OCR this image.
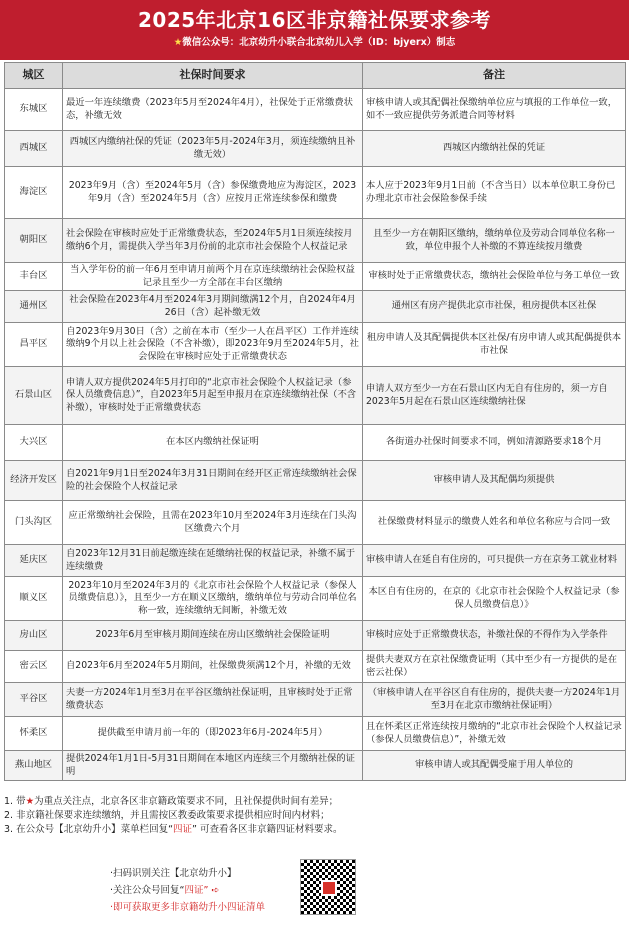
2025年北京16区非京籍社保要求参考
★微信公众号：北京幼升小联合北京幼儿入学（ID：bjyerx）制志
城区	社保时间要求	备注
东城区	最近一年连续缴费（2023年5月至2024年4月），社保处于正常缴费状态，补缴无效	审核申请人或其配偶社保缴纳单位应与填报的工作单位一致，如不一致应提供劳务派遣合同等材料
西城区	西城区内缴纳社保的凭证（2023年5月-2024年3月，须连续缴纳且补缴无效）	西城区内缴纳社保的凭证
海淀区	2023年9月（含）至2024年5月（含）参保缴费地应为海淀区，2023年9月（含）至2024年5月（含）应按月正常连续参保和缴费	本人应于2023年9月1日前（不含当日）以本单位职工身份已办理北京市社会保险参保手续
朝阳区	社会保险在审核时应处于正常缴费状态，至2024年5月1日须连续按月缴纳6个月，需提供入学当年3月份前的北京市社会保险个人权益记录	且至少一方在朝阳区缴纳，缴纳单位及劳动合同单位名称一致，单位申报个人补缴的不算连续按月缴费
丰台区	当入学年份的前一年6月至申请月前两个月在京连续缴纳社会保险权益记录且至少一方全部在丰台区缴纳	审核时处于正常缴费状态，缴纳社会保险单位与务工单位一致
通州区	社会保险在2023年4月至2024年3月期间缴满12个月，自2024年4月26日（含）起补缴无效	通州区有房产提供北京市社保，租房提供本区社保
昌平区	自2023年9月30日（含）之前在本市（至少一人在昌平区）工作并连续缴纳9个月以上社会保险（不含补缴），即2023年9月至2024年5月，社会保险在审核时应处于正常缴费状态	租房申请人及其配偶提供本区社保/有房申请人或其配偶提供本市社保
石景山区	申请人双方提供2024年5月打印的“北京市社会保险个人权益记录（参保人员缴费信息）”，自2023年5月起至申报月在京连续缴纳社保（不含补缴），审核时处于正常缴费状态	申请人双方至少一方在石景山区内无自有住房的，须一方自2023年5月起在石景山区连续缴纳社保
大兴区	在本区内缴纳社保证明	各街道办社保时间要求不同，例如清源路要求18个月
经济开发区	自2021年9月1日至2024年3月31日期间在经开区正常连续缴纳社会保险的社会保险个人权益记录	审核申请人及其配偶均须提供
门头沟区	应正常缴纳社会保险，且需在2023年10月至2024年3月连续在门头沟区缴费六个月	社保缴费材料显示的缴费人姓名和单位名称应与合同一致
延庆区	自2023年12月31日前起缴连续在延缴纳社保的权益记录，补缴不属于连续缴费	审核申请人在延自有住房的，可只提供一方在京务工就业材料
顺义区	2023年10月至2024年3月的《北京市社会保险个人权益记录（参保人员缴费信息）》，且至少一方在顺义区缴纳，缴纳单位与劳动合同单位名称一致，连续缴纳无间断，补缴无效	本区自有住房的，在京的《北京市社会保险个人权益记录（参保人员缴费信息）》
房山区	2023年6月至审核月期间连续在房山区缴纳社会保险证明	审核时应处于正常缴费状态，补缴社保的不得作为入学条件
密云区	自2023年6月至2024年5月期间，社保缴费须满12个月，补缴的无效	提供夫妻双方在京社保缴费证明（其中至少有一方提供的是在密云社保）
平谷区	夫妻一方2024年1月至3月在平谷区缴纳社保证明，且审核时处于正常缴费状态	（审核申请人在平谷区自有住房的，提供夫妻一方2024年1月至3月在北京市缴纳社保证明）
怀柔区	提供截至申请月前一年的（即2023年6月-2024年5月）	且在怀柔区正常连续按月缴纳的“北京市社会保险个人权益记录（参保人员缴费信息）”，补缴无效
燕山地区	提供2024年1月1日-5月31日期间在本地区内连续三个月缴纳社保的证明	审核申请人或其配偶受雇于用人单位的
1. 带★为重点关注点，北京各区非京籍政策要求不同，且社保提供时间有差异；
2. 非京籍社保要求连续缴纳，并且需按区教委政策要求提供相应时间内材料；
3. 在公众号【北京幼升小】菜单栏回复“四证” 可查看各区非京籍四证材料要求。
·扫码识别关注【北京幼升小】
·关注公众号回复“四证” ➪
·即可获取更多非京籍幼升小四证清单
